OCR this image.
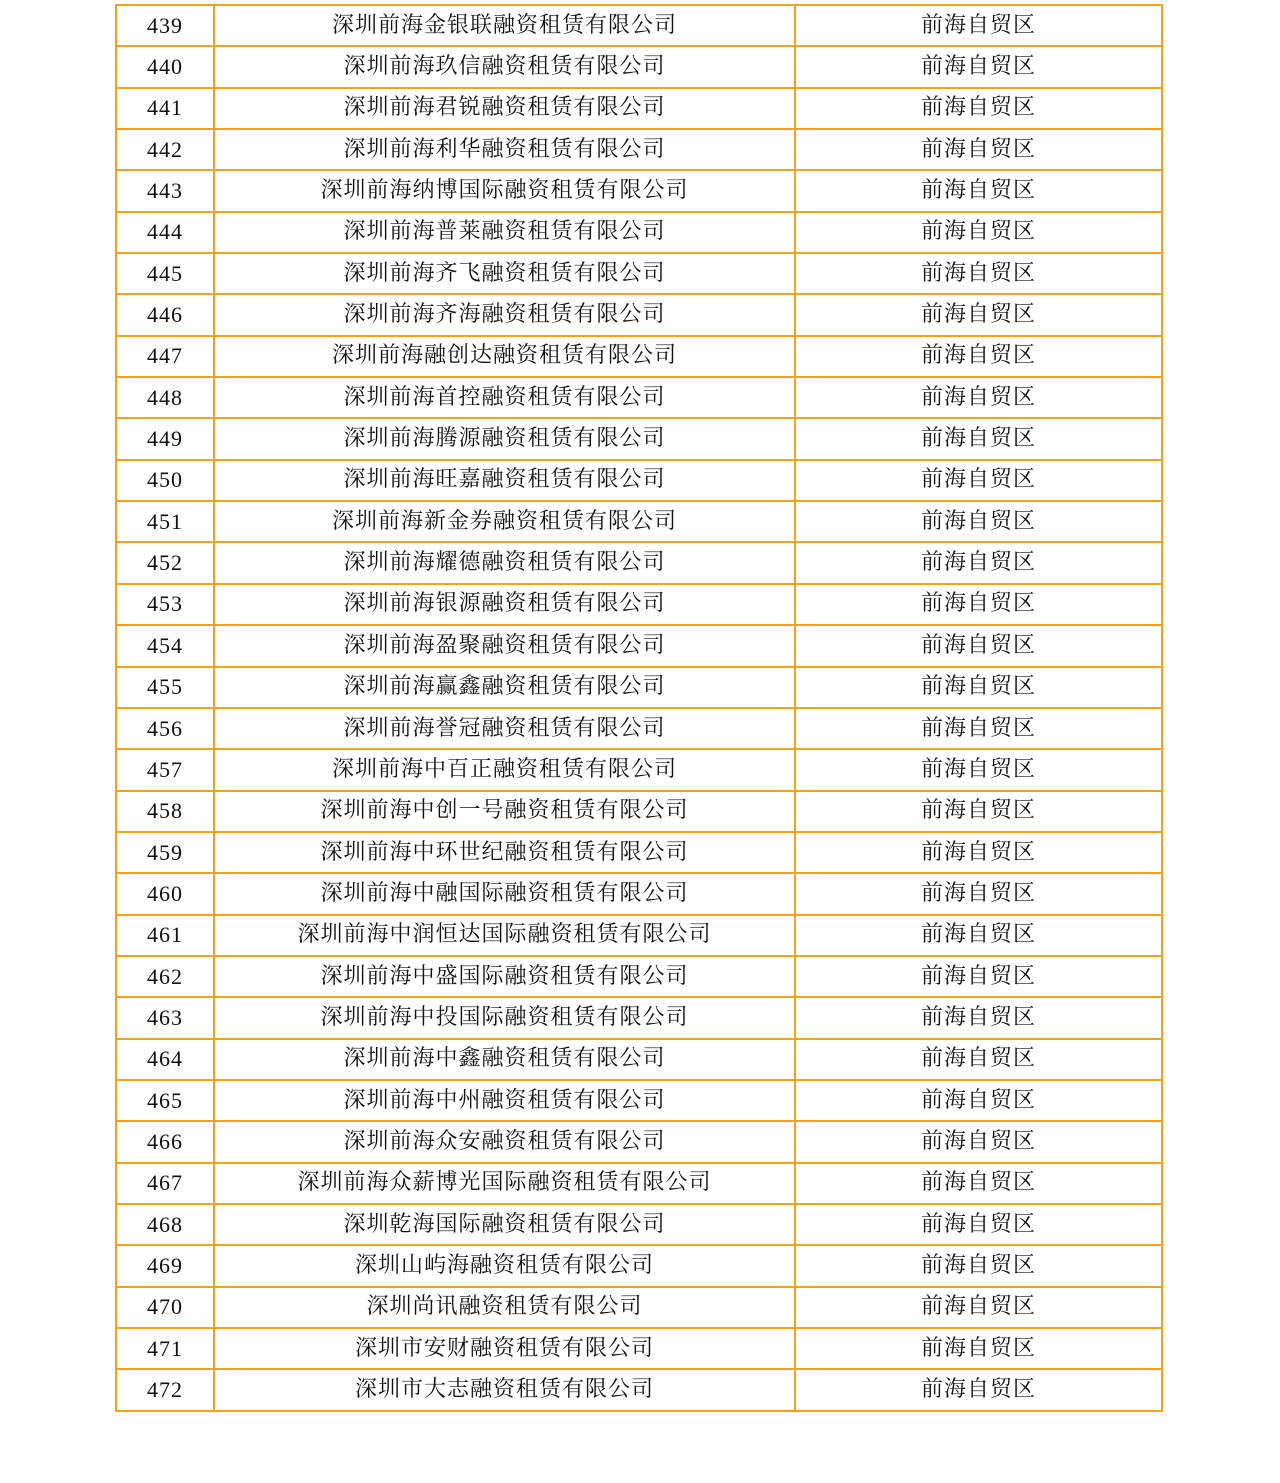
439	深圳前海金银联融资租赁有限公司	前海自贸区
440	深圳前海玖信融资租赁有限公司	前海自贸区
441	深圳前海君锐融资租赁有限公司	前海自贸区
442	深圳前海利华融资租赁有限公司	前海自贸区
443	深圳前海纳博国际融资租赁有限公司	前海自贸区
444	深圳前海普莱融资租赁有限公司	前海自贸区
445	深圳前海齐飞融资租赁有限公司	前海自贸区
446	深圳前海齐海融资租赁有限公司	前海自贸区
447	深圳前海融创达融资租赁有限公司	前海自贸区
448	深圳前海首控融资租赁有限公司	前海自贸区
449	深圳前海腾源融资租赁有限公司	前海自贸区
450	深圳前海旺嘉融资租赁有限公司	前海自贸区
451	深圳前海新金券融资租赁有限公司	前海自贸区
452	深圳前海耀德融资租赁有限公司	前海自贸区
453	深圳前海银源融资租赁有限公司	前海自贸区
454	深圳前海盈聚融资租赁有限公司	前海自贸区
455	深圳前海赢鑫融资租赁有限公司	前海自贸区
456	深圳前海誉冠融资租赁有限公司	前海自贸区
457	深圳前海中百正融资租赁有限公司	前海自贸区
458	深圳前海中创一号融资租赁有限公司	前海自贸区
459	深圳前海中环世纪融资租赁有限公司	前海自贸区
460	深圳前海中融国际融资租赁有限公司	前海自贸区
461	深圳前海中润恒达国际融资租赁有限公司	前海自贸区
462	深圳前海中盛国际融资租赁有限公司	前海自贸区
463	深圳前海中投国际融资租赁有限公司	前海自贸区
464	深圳前海中鑫融资租赁有限公司	前海自贸区
465	深圳前海中州融资租赁有限公司	前海自贸区
466	深圳前海众安融资租赁有限公司	前海自贸区
467	深圳前海众薪博光国际融资租赁有限公司	前海自贸区
468	深圳乾海国际融资租赁有限公司	前海自贸区
469	深圳山屿海融资租赁有限公司	前海自贸区
470	深圳尚讯融资租赁有限公司	前海自贸区
471	深圳市安财融资租赁有限公司	前海自贸区
472	深圳市大志融资租赁有限公司	前海自贸区
